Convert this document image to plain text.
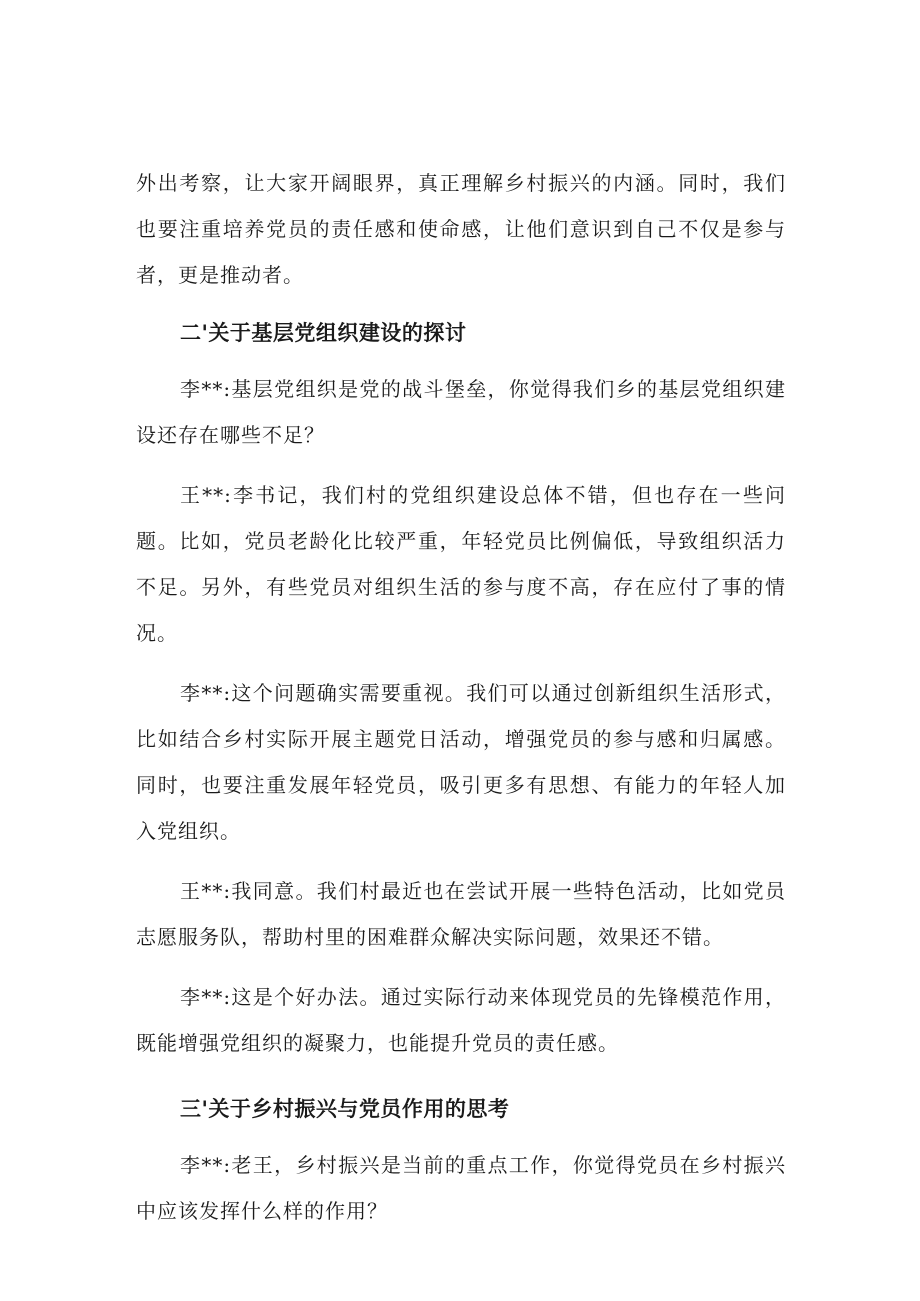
外出考察，让大家开阔眼界，真正理解乡村振兴的内涵。同时，我们也要注重培养党员的责任感和使命感，让他们意识到自己不仅是参与者，更是推动者。

二'关于基层党组织建设的探讨

李**:基层党组织是党的战斗堡垒，你觉得我们乡的基层党组织建设还存在哪些不足？

王**:李书记，我们村的党组织建设总体不错，但也存在一些问题。比如，党员老龄化比较严重，年轻党员比例偏低，导致组织活力不足。另外，有些党员对组织生活的参与度不高，存在应付了事的情况。

李**:这个问题确实需要重视。我们可以通过创新组织生活形式，比如结合乡村实际开展主题党日活动，增强党员的参与感和归属感。同时，也要注重发展年轻党员，吸引更多有思想、有能力的年轻人加入党组织。

王**:我同意。我们村最近也在尝试开展一些特色活动，比如党员志愿服务队，帮助村里的困难群众解决实际问题，效果还不错。

李**:这是个好办法。通过实际行动来体现党员的先锋模范作用，既能增强党组织的凝聚力，也能提升党员的责任感。

三'关于乡村振兴与党员作用的思考

李**:老王，乡村振兴是当前的重点工作，你觉得党员在乡村振兴中应该发挥什么样的作用？
